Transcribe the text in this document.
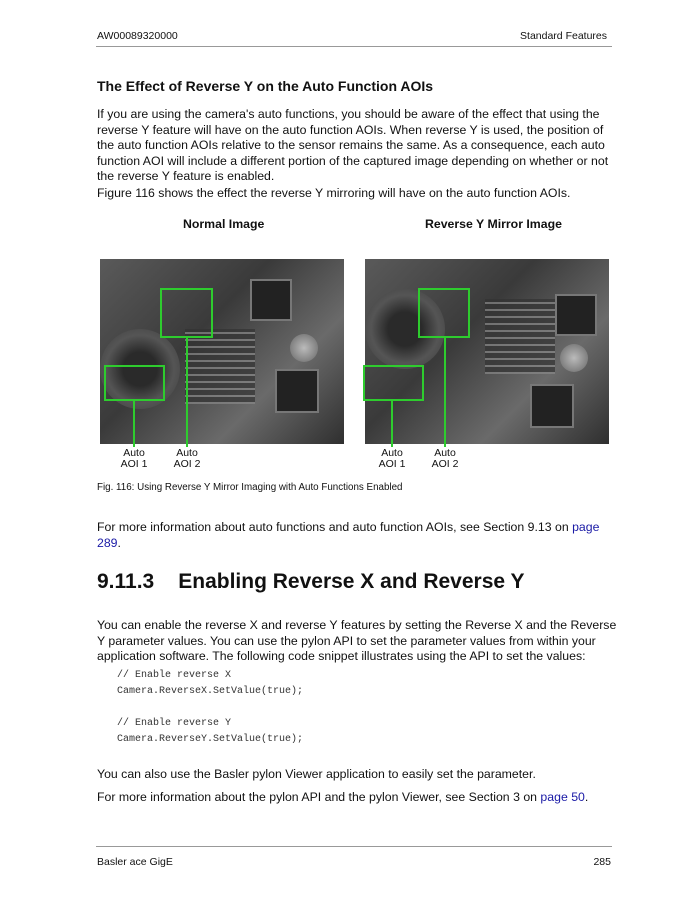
AW00089320000	Standard Features
The Effect of Reverse Y on the Auto Function AOIs

If you are using the camera's auto functions, you should be aware of the effect that using the reverse Y feature will have on the auto function AOIs. When reverse Y is used, the position of the auto function AOIs relative to the sensor remains the same. As a consequence, each auto function AOI will include a different portion of the captured image depending on whether or not the reverse Y feature is enabled.

Figure 116 shows the effect the reverse Y mirroring will have on the auto function AOIs.

Normal Image	Reverse Y Mirror Image
Auto
AOI 1
Auto
AOI 2
Auto
AOI 1
Auto
AOI 2
Fig. 116: Using Reverse Y Mirror Imaging with Auto Functions Enabled

For more information about auto functions and auto function AOIs, see Section 9.13 on page 289.

9.11.3 Enabling Reverse X and Reverse Y

You can enable the reverse X and reverse Y features by setting the Reverse X and the Reverse Y parameter values. You can use the pylon API to set the parameter values from within your application software. The following code snippet illustrates using the API to set the values:

// Enable reverse X
Camera.ReverseX.SetValue(true);
// Enable reverse Y
Camera.ReverseY.SetValue(true);

You can also use the Basler pylon Viewer application to easily set the parameter.

For more information about the pylon API and the pylon Viewer, see Section 3 on page 50.

Basler ace GigE	285
